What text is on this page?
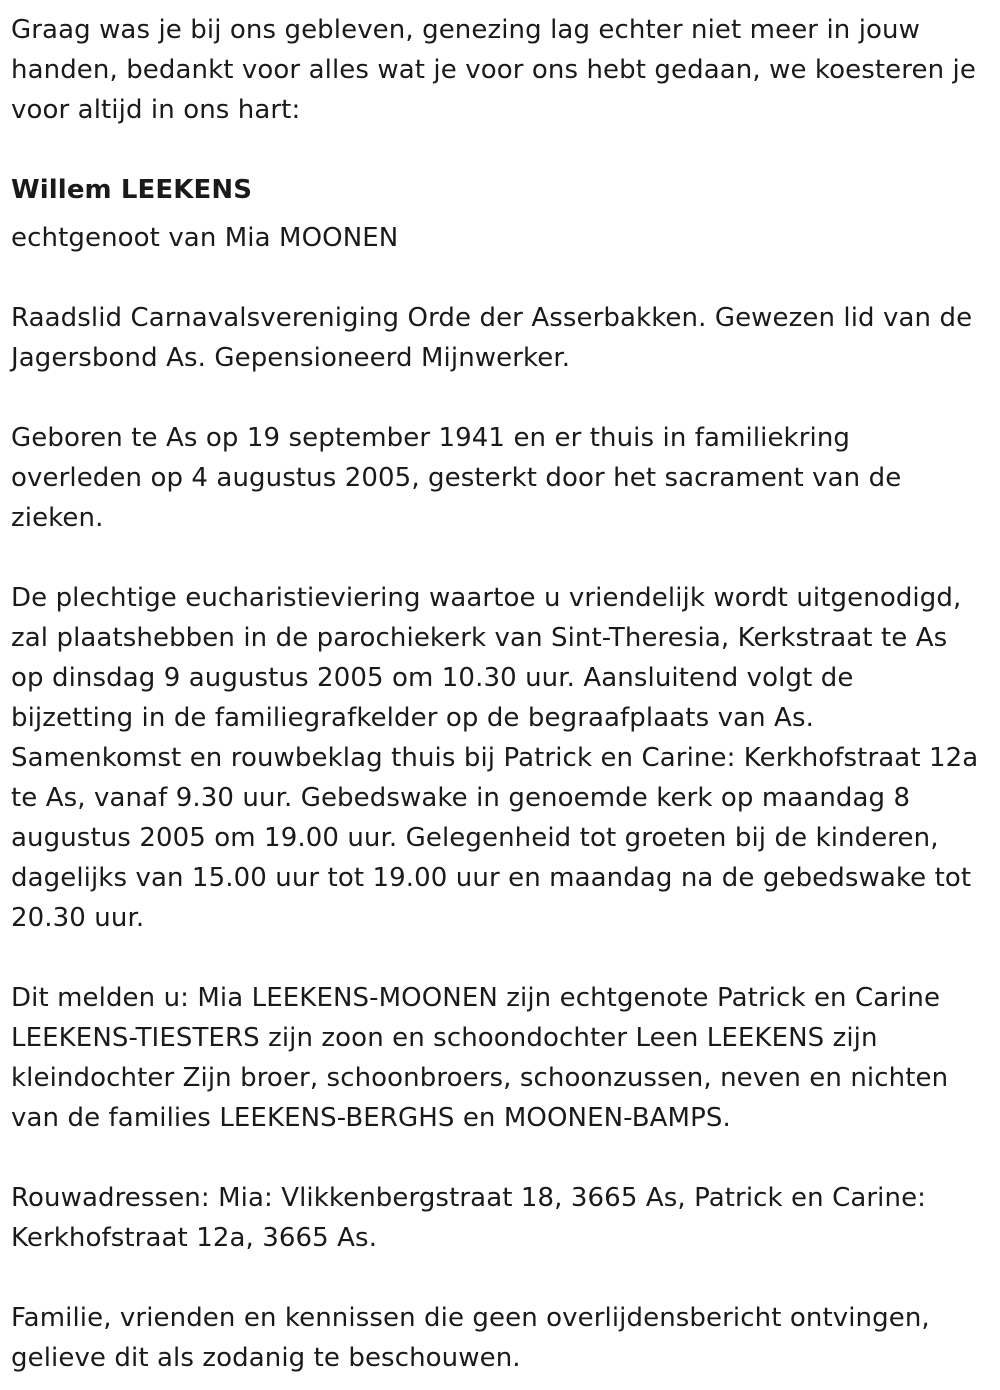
Graag was je bij ons gebleven, genezing lag echter niet meer in jouw

handen, bedankt voor alles wat je voor ons hebt gedaan, we koesteren je

voor altijd in ons hart:

Willem LEEKENS

echtgenoot van Mia MOONEN

Raadslid Carnavalsvereniging Orde der Asserbakken. Gewezen lid van de

Jagersbond As. Gepensioneerd Mijnwerker.

Geboren te As op 19 september 1941 en er thuis in familiekring

overleden op 4 augustus 2005, gesterkt door het sacrament van de

zieken.

De plechtige eucharistieviering waartoe u vriendelijk wordt uitgenodigd,

zal plaatshebben in de parochiekerk van Sint-Theresia, Kerkstraat te As

op dinsdag 9 augustus 2005 om 10.30 uur. Aansluitend volgt de

bijzetting in de familiegrafkelder op de begraafplaats van As.

Samenkomst en rouwbeklag thuis bij Patrick en Carine: Kerkhofstraat 12a

te As, vanaf 9.30 uur. Gebedswake in genoemde kerk op maandag 8

augustus 2005 om 19.00 uur. Gelegenheid tot groeten bij de kinderen,

dagelijks van 15.00 uur tot 19.00 uur en maandag na de gebedswake tot

20.30 uur.

Dit melden u: Mia LEEKENS-MOONEN zijn echtgenote Patrick en Carine

LEEKENS-TIESTERS zijn zoon en schoondochter Leen LEEKENS zijn

kleindochter Zijn broer, schoonbroers, schoonzussen, neven en nichten

van de families LEEKENS-BERGHS en MOONEN-BAMPS.

Rouwadressen: Mia: Vlikkenbergstraat 18, 3665 As, Patrick en Carine:

Kerkhofstraat 12a, 3665 As.

Familie, vrienden en kennissen die geen overlijdensbericht ontvingen,

gelieve dit als zodanig te beschouwen.
